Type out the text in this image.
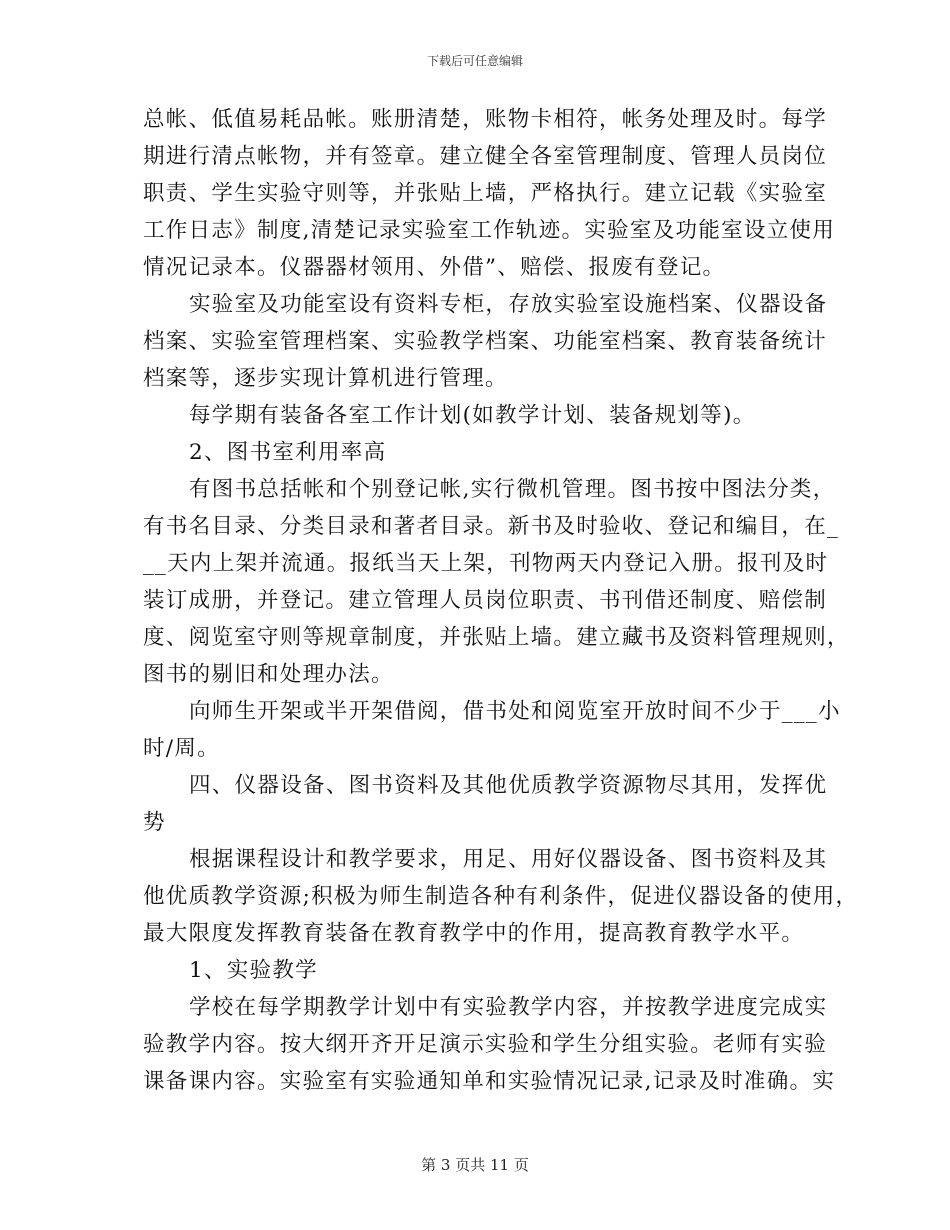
下载后可任意编辑
总帐、低值易耗品帐。账册清楚，账物卡相符，帐务处理及时。每学
期进行清点帐物，并有签章。建立健全各室管理制度、管理人员岗位
职责、学生实验守则等，并张贴上墙，严格执行。建立记载《实验室
工作日志》制度,清楚记录实验室工作轨迹。实验室及功能室设立使用
情况记录本。仪器器材领用、外借”、赔偿、报废有登记。
实验室及功能室设有资料专柜，存放实验室设施档案、仪器设备
档案、实验室管理档案、实验教学档案、功能室档案、教育装备统计
档案等，逐步实现计算机进行管理。
每学期有装备各室工作计划(如教学计划、装备规划等)。
2、图书室利用率高
有图书总括帐和个别登记帐,实行微机管理。图书按中图法分类，
有书名目录、分类目录和著者目录。新书及时验收、登记和编目，在_
__天内上架并流通。报纸当天上架，刊物两天内登记入册。报刊及时
装订成册，并登记。建立管理人员岗位职责、书刊借还制度、赔偿制
度、阅览室守则等规章制度，并张贴上墙。建立藏书及资料管理规则，
图书的剔旧和处理办法。
向师生开架或半开架借阅，借书处和阅览室开放时间不少于___小
时/周。
四、仪器设备、图书资料及其他优质教学资源物尽其用，发挥优
势
根据课程设计和教学要求，用足、用好仪器设备、图书资料及其
他优质教学资源;积极为师生制造各种有利条件，促进仪器设备的使用，
最大限度发挥教育装备在教育教学中的作用，提高教育教学水平。
1、实验教学
学校在每学期教学计划中有实验教学内容，并按教学进度完成实
验教学内容。按大纲开齐开足演示实验和学生分组实验。老师有实验
课备课内容。实验室有实验通知单和实验情况记录,记录及时准确。实
第 3 页共 11 页
